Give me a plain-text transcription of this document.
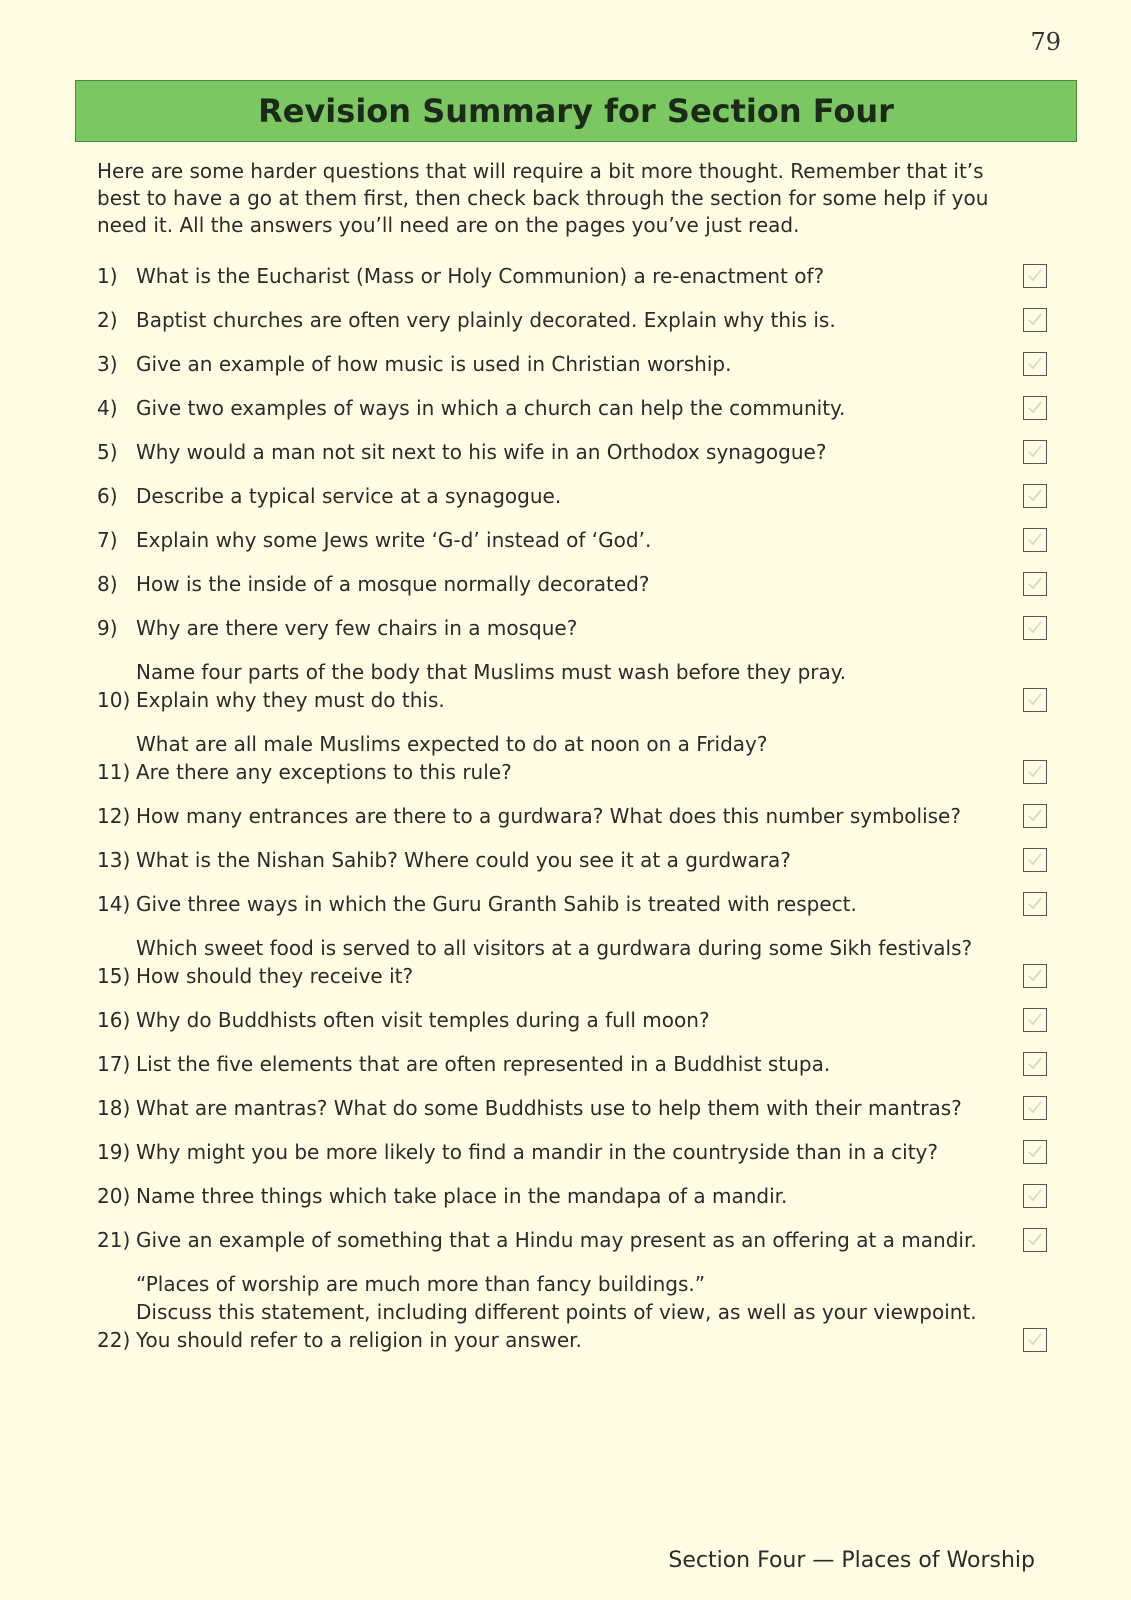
79
Revision Summary for Section Four
Here are some harder questions that will require a bit more thought. Remember that it’s best to have a go at them first, then check back through the section for some help if you need it. All the answers you’ll need are on the pages you’ve just read.
1) What is the Eucharist (Mass or Holy Communion) a re-enactment of?
2) Baptist churches are often very plainly decorated. Explain why this is.
3) Give an example of how music is used in Christian worship.
4) Give two examples of ways in which a church can help the community.
5) Why would a man not sit next to his wife in an Orthodox synagogue?
6) Describe a typical service at a synagogue.
7) Explain why some Jews write ‘G-d’ instead of ‘God’.
8) How is the inside of a mosque normally decorated?
9) Why are there very few chairs in a mosque?
10)
Name four parts of the body that Muslims must wash before they pray.
Explain why they must do this.
11)
What are all male Muslims expected to do at noon on a Friday?
Are there any exceptions to this rule?
12) How many entrances are there to a gurdwara? What does this number symbolise?
13) What is the Nishan Sahib? Where could you see it at a gurdwara?
14) Give three ways in which the Guru Granth Sahib is treated with respect.
15)
Which sweet food is served to all visitors at a gurdwara during some Sikh festivals?
How should they receive it?
16) Why do Buddhists often visit temples during a full moon?
17) List the five elements that are often represented in a Buddhist stupa.
18) What are mantras? What do some Buddhists use to help them with their mantras?
19) Why might you be more likely to find a mandir in the countryside than in a city?
20) Name three things which take place in the mandapa of a mandir.
21) Give an example of something that a Hindu may present as an offering at a mandir.
22)
“Places of worship are much more than fancy buildings.”
Discuss this statement, including different points of view, as well as your viewpoint.
You should refer to a religion in your answer.
Section Four — Places of Worship
